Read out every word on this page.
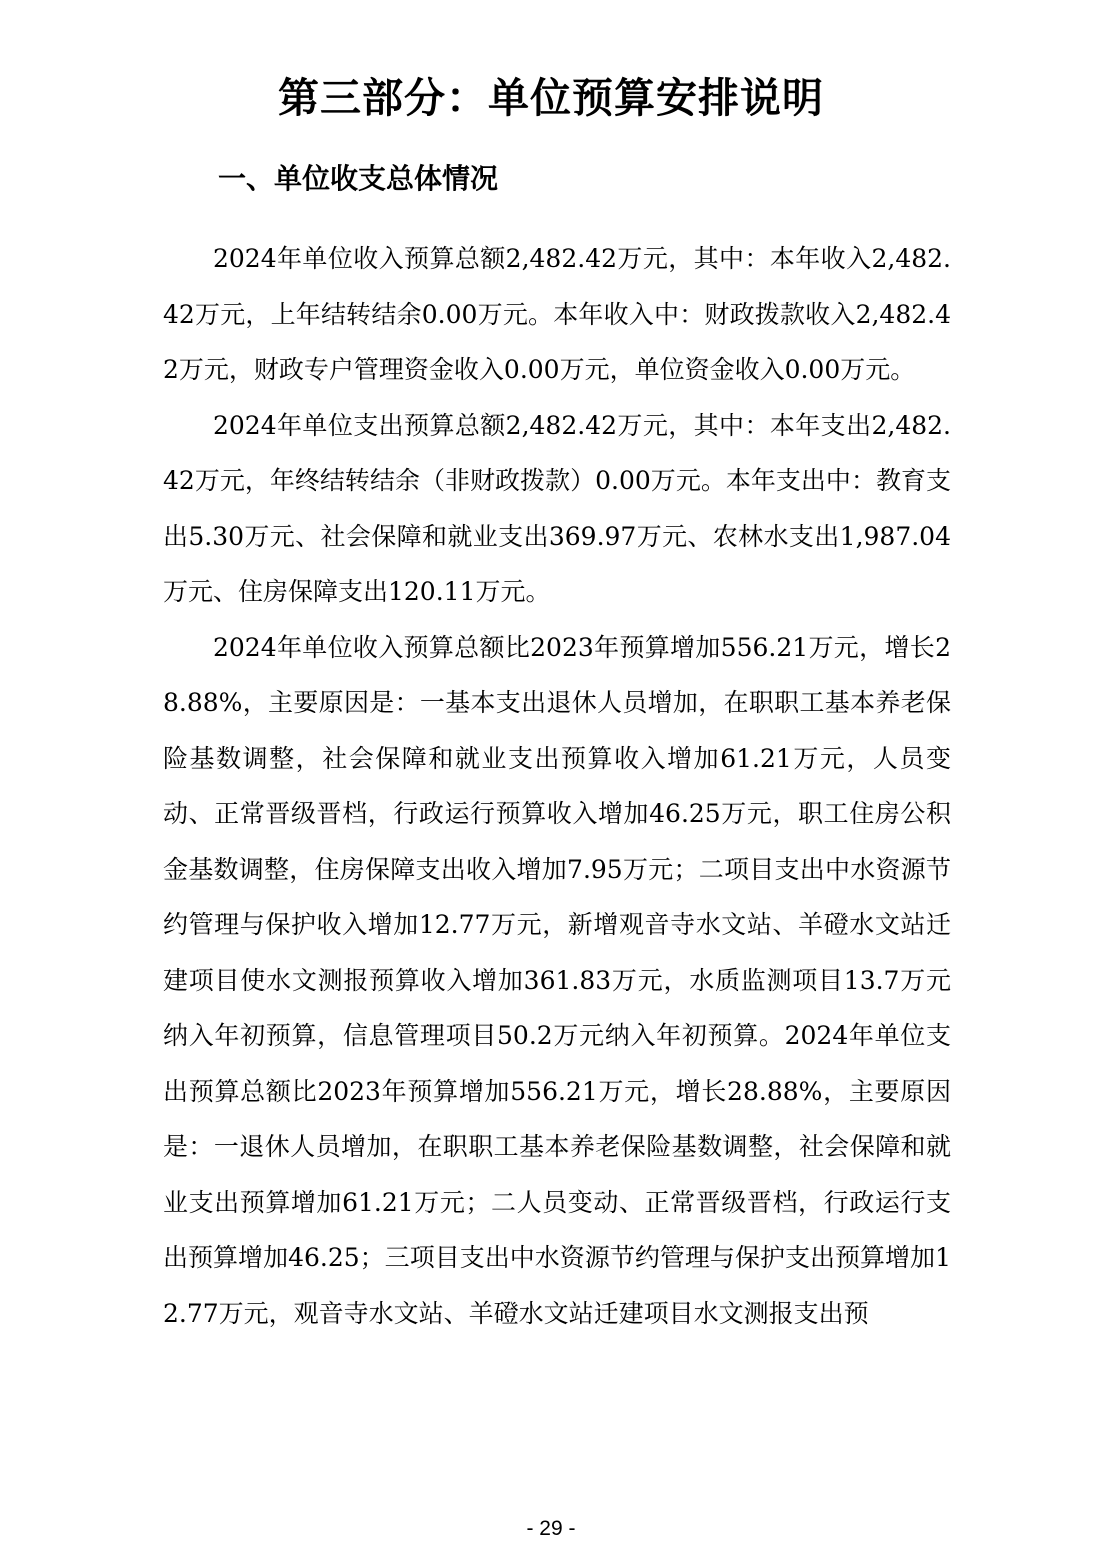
第三部分：单位预算安排说明
一、单位收支总体情况

2024年单位收入预算总额2,482.42万元，其中：本年收入2,482.42万元，上年结转结余0.00万元。本年收入中：财政拨款收入2,482.42万元，财政专户管理资金收入0.00万元，单位资金收入0.00万元。

2024年单位支出预算总额2,482.42万元，其中：本年支出2,482.42万元，年终结转结余（非财政拨款）0.00万元。本年支出中：教育支出5.30万元、社会保障和就业支出369.97万元、农林水支出1,987.04万元、住房保障支出120.11万元。

2024年单位收入预算总额比2023年预算增加556.21万元，增长28.88%，主要原因是：一基本支出退休人员增加，在职职工基本养老保险基数调整，社会保障和就业支出预算收入增加61.21万元，人员变动、正常晋级晋档，行政运行预算收入增加46.25万元，职工住房公积金基数调整，住房保障支出收入增加7.95万元；二项目支出中水资源节约管理与保护收入增加12.77万元，新增观音寺水文站、羊磴水文站迁建项目使水文测报预算收入增加361.83万元，水质监测项目13.7万元纳入年初预算，信息管理项目50.2万元纳入年初预算。2024年单位支出预算总额比2023年预算增加556.21万元，增长28.88%，主要原因是：一退休人员增加，在职职工基本养老保险基数调整，社会保障和就业支出预算增加61.21万元；二人员变动、正常晋级晋档，行政运行支出预算增加46.25；三项目支出中水资源节约管理与保护支出预算增加12.77万元，观音寺水文站、羊磴水文站迁建项目水文测报支出预

- 29 -
